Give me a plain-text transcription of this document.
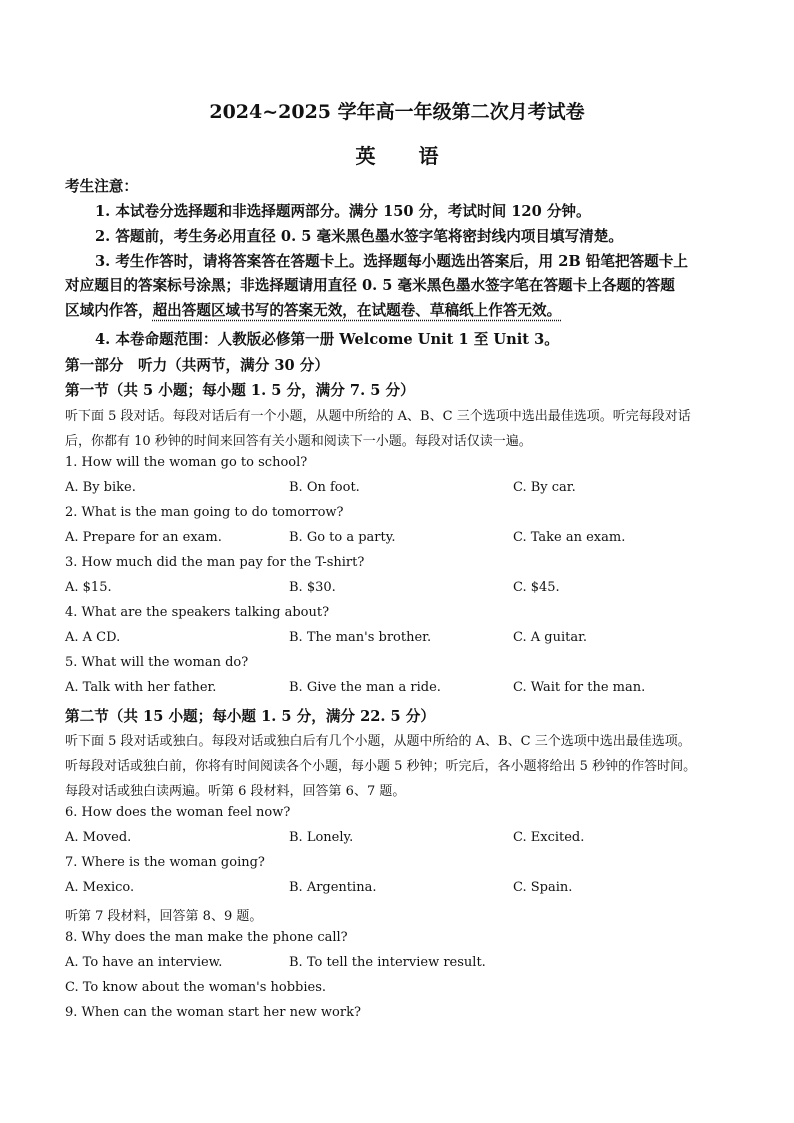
2024~2025 学年高一年级第二次月考试卷
英 语
考生注意：
1. 本试卷分选择题和非选择题两部分。满分 150 分，考试时间 120 分钟。
2. 答题前，考生务必用直径 0. 5 毫米黑色墨水签字笔将密封线内项目填写清楚。
3. 考生作答时，请将答案答在答题卡上。选择题每小题选出答案后，用 2B 铅笔把答题卡上
对应题目的答案标号涂黑；非选择题请用直径 0. 5 毫米黑色墨水签字笔在答题卡上各题的答题
区域内作答，超出答题区域书写的答案无效，在试题卷、草稿纸上作答无效。
4. 本卷命题范围：人教版必修第一册 Welcome Unit 1 至 Unit 3。
第一部分　听力（共两节，满分 30 分）
第一节（共 5 小题；每小题 1. 5 分，满分 7. 5 分）
听下面 5 段对话。每段对话后有一个小题，从题中所给的 A、B、C 三个选项中选出最佳选项。听完每段对话
后，你都有 10 秒钟的时间来回答有关小题和阅读下一小题。每段对话仅读一遍。
1. How will the woman go to school?
A. By bike.	B. On foot.	C. By car.
2. What is the man going to do tomorrow?
A. Prepare for an exam.	B. Go to a party.	C. Take an exam.
3. How much did the man pay for the T-shirt?
A. $15.	B. $30.	C. $45.
4. What are the speakers talking about?
A. A CD.	B. The man's brother.	C. A guitar.
5. What will the woman do?
A. Talk with her father.	B. Give the man a ride.	C. Wait for the man.
第二节（共 15 小题；每小题 1. 5 分，满分 22. 5 分）
听下面 5 段对话或独白。每段对话或独白后有几个小题，从题中所给的 A、B、C 三个选项中选出最佳选项。
听每段对话或独白前，你将有时间阅读各个小题，每小题 5 秒钟；听完后，各小题将给出 5 秒钟的作答时间。
每段对话或独白读两遍。听第 6 段材料，回答第 6、7 题。
6. How does the woman feel now?
A. Moved.	B. Lonely.	C. Excited.
7. Where is the woman going?
A. Mexico.	B. Argentina.	C. Spain.
听第 7 段材料，回答第 8、9 题。
8. Why does the man make the phone call?
A. To have an interview.	B. To tell the interview result.
C. To know about the woman's hobbies.
9. When can the woman start her new work?
